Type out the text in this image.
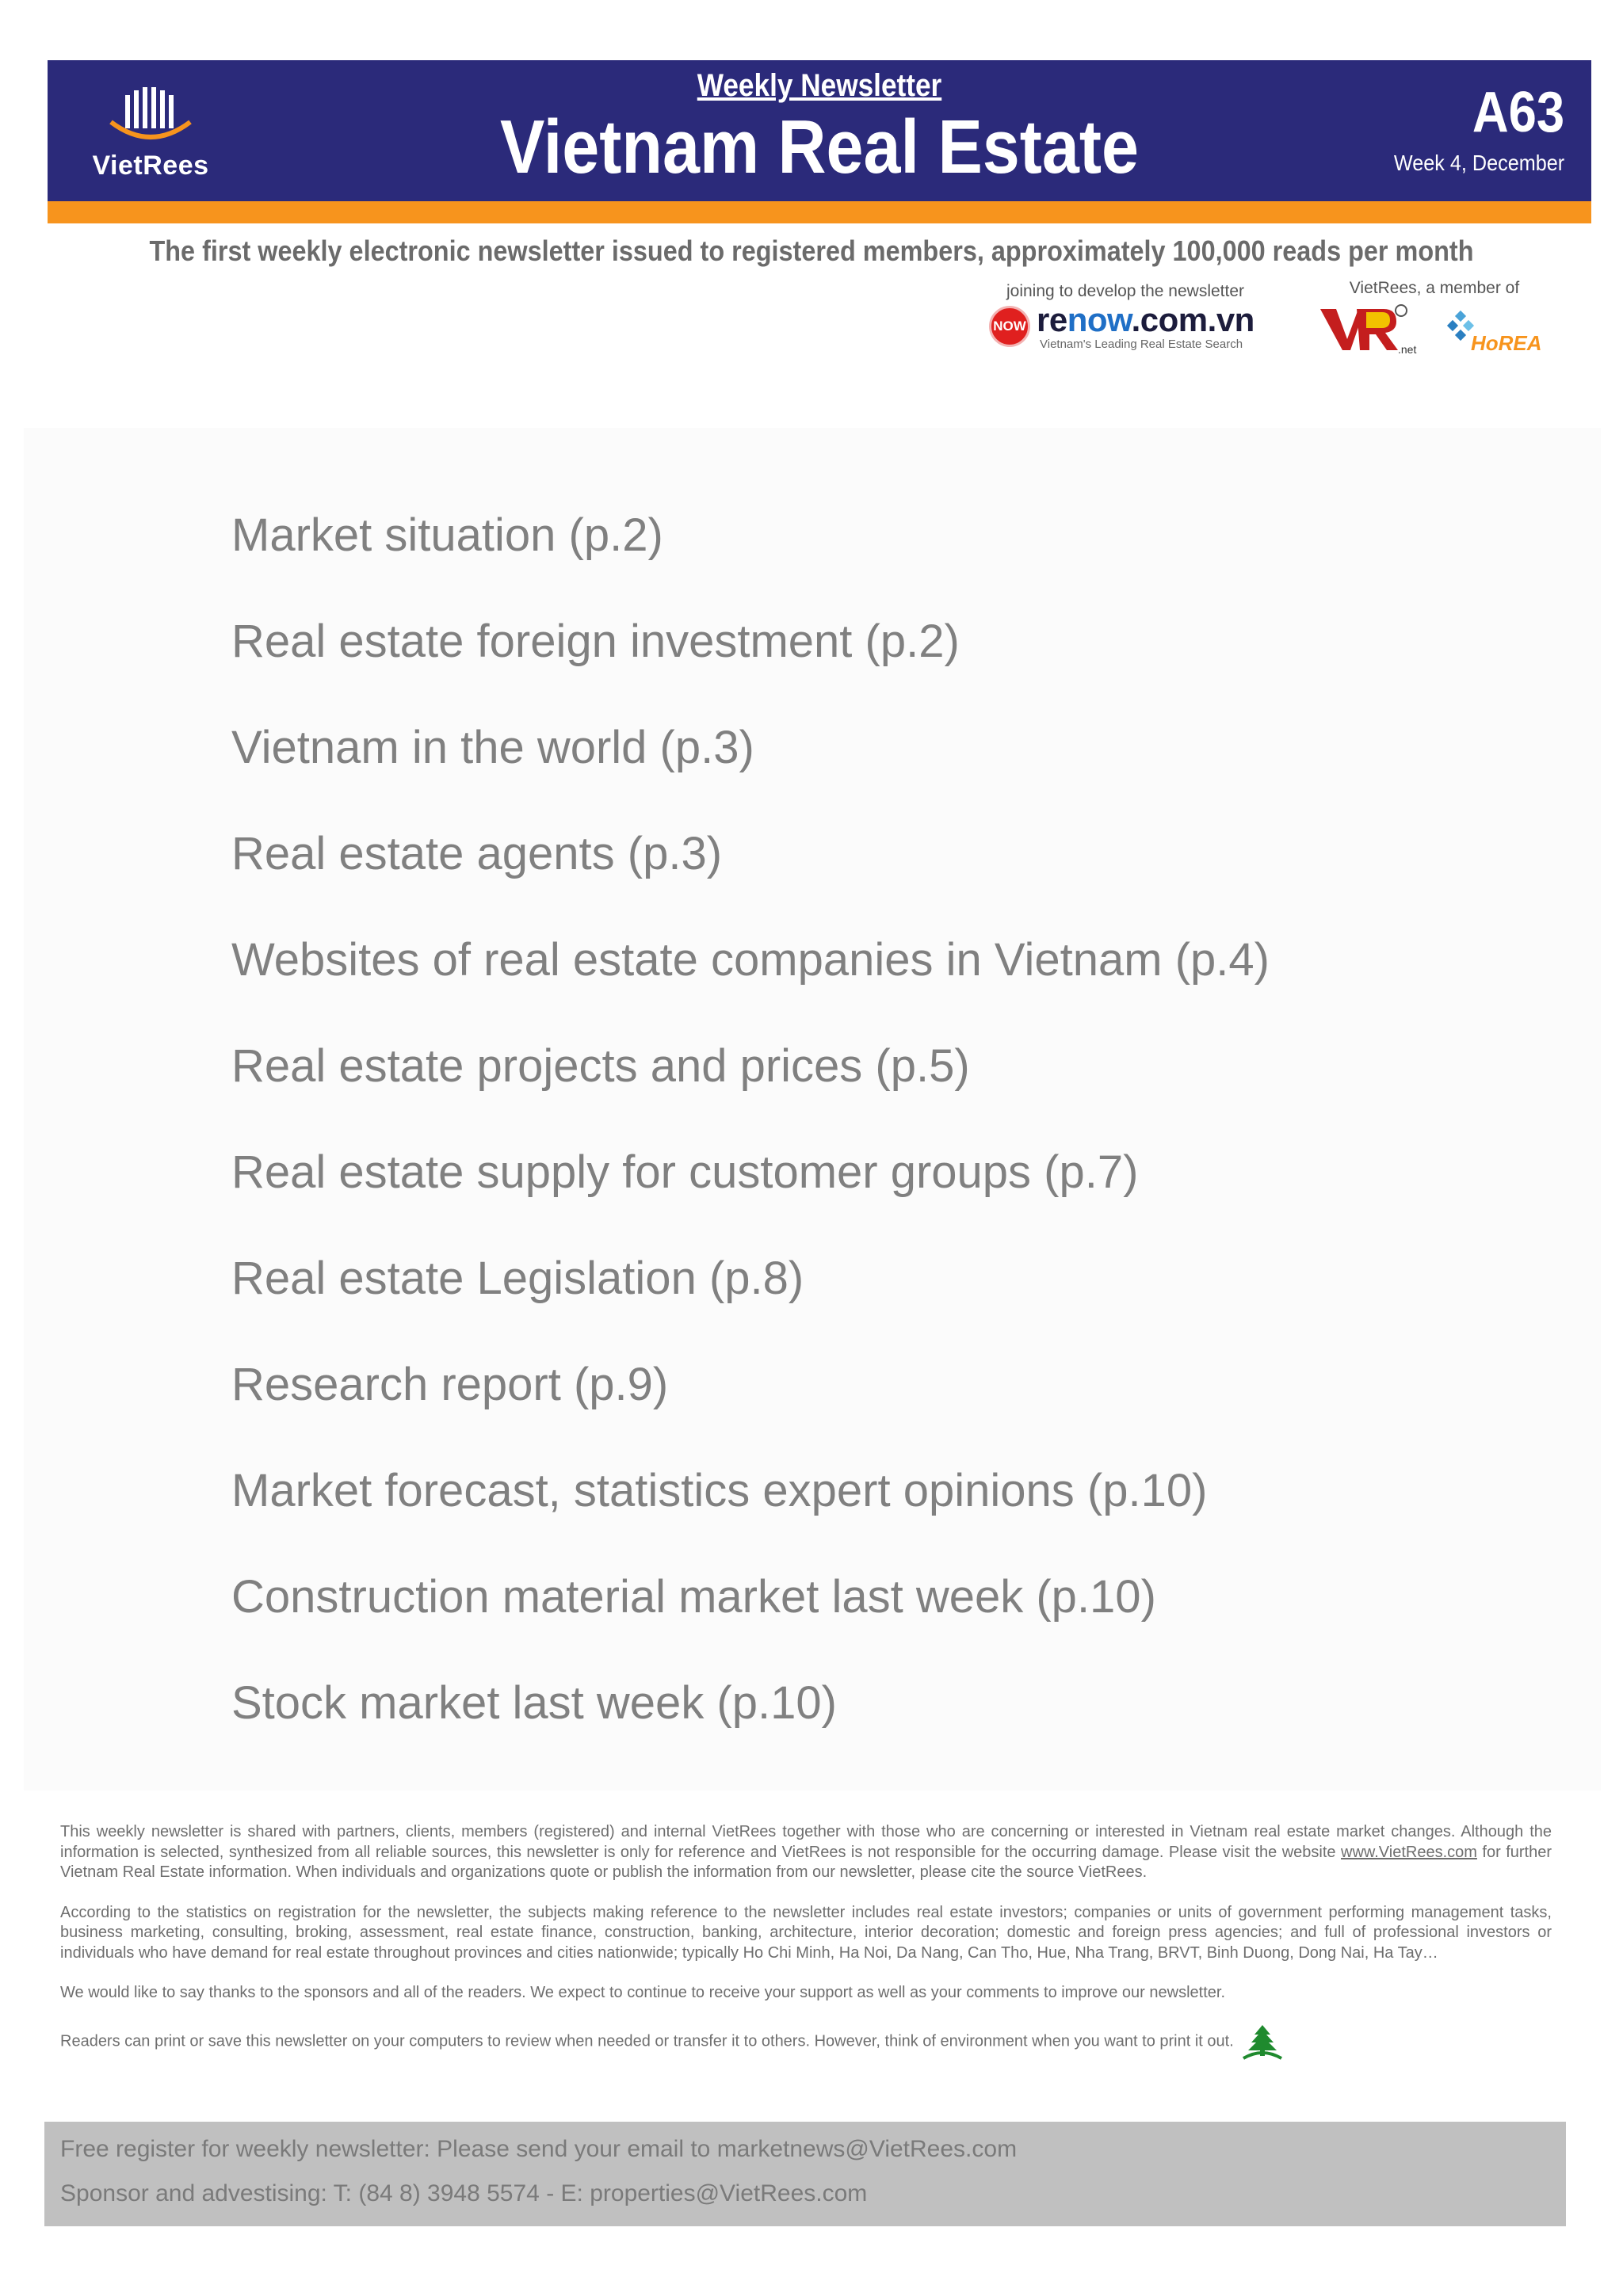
VietRees
Weekly Newsletter
Vietnam Real Estate	A63
Week 4, December
The first weekly electronic newsletter issued to registered members, approximately 100,000 reads per month
joining to develop the newsletter
NOW renow.com.vn
Vietnam's Leading Real Estate Search
VietRees, a member of
.net	HoREA
Market situation (p.2)
Real estate foreign investment (p.2)
Vietnam in the world (p.3)
Real estate agents (p.3)
Websites of real estate companies in Vietnam (p.4)
Real estate projects and prices (p.5)
Real estate supply for customer groups (p.7)
Real estate Legislation (p.8)
Research report (p.9)
Market forecast, statistics expert opinions (p.10)
Construction material market last week (p.10)
Stock market last week (p.10)

This weekly newsletter is shared with partners, clients, members (registered) and internal VietRees together with those who are concerning or interested in Vietnam real estate market changes. Although the information is selected, synthesized from all reliable sources, this newsletter is only for reference and VietRees is not responsible for the occurring damage. Please visit the website www.VietRees.com for further Vietnam Real Estate information. When individuals and organizations quote or publish the information from our newsletter, please cite the source VietRees.

According to the statistics on registration for the newsletter, the subjects making reference to the newsletter includes real estate investors; companies or units of government performing management tasks, business marketing, consulting, broking, assessment, real estate finance, construction, banking, architecture, interior decoration; domestic and foreign press agencies; and full of professional investors or individuals who have demand for real estate throughout provinces and cities nationwide; typically Ho Chi Minh, Ha Noi, Da Nang, Can Tho, Hue, Nha Trang, BRVT, Binh Duong, Dong Nai, Ha Tay…

We would like to say thanks to the sponsors and all of the readers. We expect to continue to receive your support as well as your comments to improve our newsletter.

Readers can print or save this newsletter on your computers to review when needed or transfer it to others. However, think of environment when you want to print it out.

Free register for weekly newsletter: Please send your email to marketnews@VietRees.com
Sponsor and advestising: T: (84 8) 3948 5574 - E: properties@VietRees.com
